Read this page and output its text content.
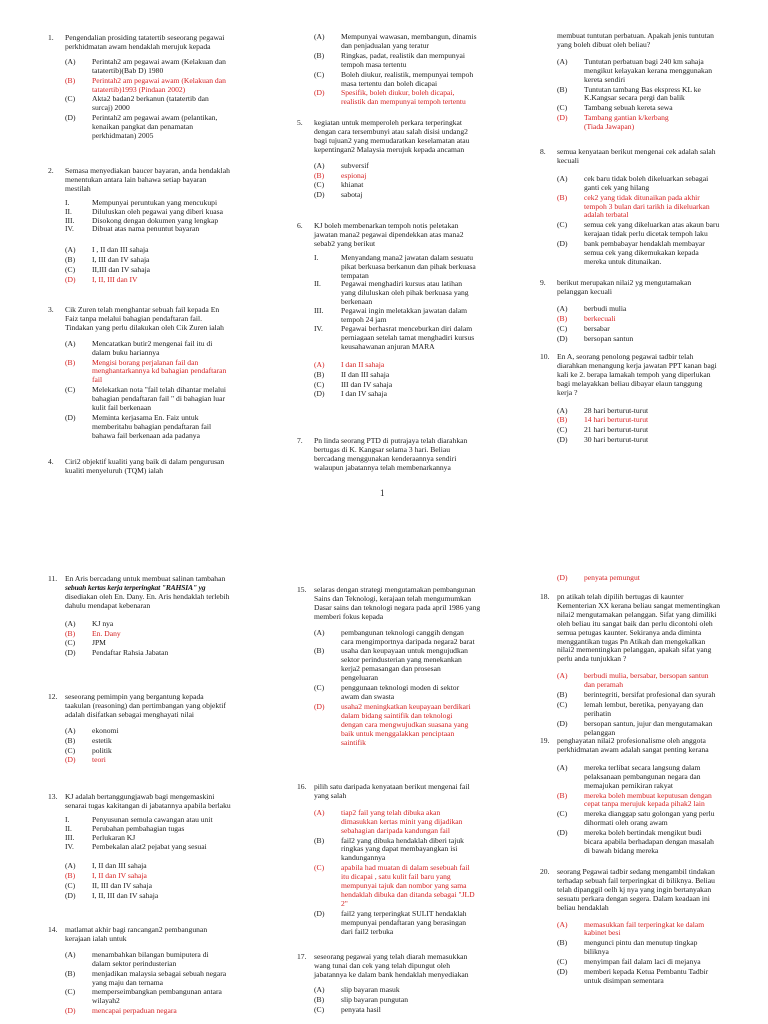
1.	Pengendalian prosiding tatatertib seseorang pegawai
perkhidmatan awam hendaklah merujuk kepada
(A) Perintah2 am pegawai awam (Kelakuan dan
tatatertib)(Bab D) 1980
(B) Perintah2 am pegawai awam (Kelakuan dan
tatatertib)1993 (Pindaan 2002)
(C) Akta2 badan2 berkanun (tatatertib dan
surcaj) 2000
(D) Perintah2 am pegawai awam (pelantikan,
kenaikan pangkat dan penamatan
perkhidmatan) 2005
2.	Semasa menyediakan baucer bayaran, anda hendaklah
menentukan antara lain bahawa setiap bayaran
mestilah
I.	Mempunyai peruntukan yang mencukupi
II.	Diluluskan oleh pegawai yang diberi kuasa
III. Disokong dengan dokumen yang lengkap
IV. Dibuat atas nama penuntut bayaran
(A) I , II dan III sahaja
(B) I, III dan IV sahaja
(C) II,III dan IV sahaja
(D) I, II, III dan IV
3.	Cik Zuren telah menghantar sebuah fail kepada En
Faiz tanpa melalui bahagian pendaftaran fail.
Tindakan yang perlu dilakukan oleh Cik Zuren ialah
(A) Mencatatkan butir2 mengenai fail itu di
dalam buku hariannya
(B) Mengisi borang perjalanan fail dan
menghantarkannya kd bahagian pendaftaran
fail
(C) Melekatkan nota "fail telah dihantar melalui
bahagian pendaftaran fail " di bahagian luar
kulit fail berkenaan
(D) Meminta kerjasama En. Faiz untuk
memberitahu bahagian pendaftaran fail
bahawa fail berkenaan ada padanya
4.	Ciri2 objektif kualiti yang baik di dalam pengurusan
kualiti menyeluruh (TQM) ialah
(A) Mempunyai wawasan, membangun, dinamis
dan penjadualan yang teratur
(B) Ringkas, padat, realistik dan mempunyai
tempoh masa tertentu
(C) Boleh diukur, realistik, mempunyai tempoh
masa tertentu dan boleh dicapai
(D) Spesifik, boleh diukur, boleh dicapai,
realistik dan mempunyai tempoh tertentu
5.	kegiatan untuk memperoleh perkara terperingkat
dengan cara tersembunyi atau salah disisi undang2
bagi tujuan2 yang memudaratkan keselamatan atau
kepentingan2 Malaysia merujuk kepada ancaman
(A) subversif
(B) espionaj
(C) khianat
(D) sabotaj
6.	KJ boleh membenarkan tempoh notis peletakan
jawatan mana2 pegawai dipendekkan atas mana2
sebab2 yang berikut
I.	Menyandang mana2 jawatan dalam sesuatu
pikat berkuasa berkanun dan pihak berkuasa
tempatan
II.	Pegawai menghadiri kursus atau latihan
yang diluluskan oleh pihak berkuasa yang
berkenaan
III. Pegawai ingin meletakkan jawatan dalam
tempoh 24 jam
IV. Pegawai berhasrat menceburkan diri dalam
perniagaan setelah tamat menghadiri kursus
keusahawanan anjuran MARA
(A) I dan II sahaja
(B) II dan III sahaja
(C) III dan IV sahaja
(D) I dan IV sahaja
7.	Pn linda seorang PTD di putrajaya telah diarahkan
bertugas di K. Kangsar selama 3 hari. Beliau
bercadang menggunakan kenderaannya sendiri
walaupun jabatannya telah membenarkannya
1
membuat tuntutan perbatuan. Apakah jenis tuntutan
yang boleh dibuat oleh beliau?
(A) Tuntutan perbatuan bagi 240 km sahaja
mengikut kelayakan kerana menggunakan
kereta sendiri
(B) Tuntutan tambang Bas ekspress KL ke
K.Kangsar secara pergi dan balik
(C) Tambang sebuah kereta sewa
(D) Tambang gantian k/kerbang
(Tiada Jawapan)
8.	semua kenyataan berikut mengenai cek adalah salah
kecuali
(A) cek baru tidak boleh dikeluarkan sebagai
ganti cek yang hilang
(B) cek2 yang tidak ditunaikan pada akhir
tempoh 3 bulan dari tarikh ia dikeluarkan
adalah terbatal
(C) semua cek yang dikeluarkan atas akaun baru
kerajaan tidak perlu dicetak tempoh laku
(D) bank pembabayar hendaklah membayar
semua cek yang dikemukakan kepada
mereka untuk ditunaikan.
9.	berikut merupakan nilai2 yg mengutamakan
pelanggan kecuali
(A) berbudi mulia
(B) berkecuali
(C) bersabar
(D) bersopan santun
10. En A, seorang penolong pegawai tadbir telah
diarahkan menangung kerja jawatan PPT kanan bagi
kali ke 2. berapa lamakah tempoh yang diperlukan
bagi melayakkan beliau dibayar elaun tanggung
kerja ?
(A) 28 hari berturut-turut
(B) 14 hari berturut-turut
(C) 21 hari berturut-turut
(D) 30 hari berturut-turut
11.	En Aris bercadang untuk membuat salinan tambahan
sebuah kertas kerja terperingkat "RAHSIA" yg
disediakan oleh En. Dany. En. Aris hendaklah terlebih
dahulu mendapat kebenaran
(A) KJ nya
(B) En. Dany
(C) JPM
(D) Pendaftar Rahsia Jabatan
12. seseorang pemimpin yang bergantung kepada
taakulan (reasoning) dan pertimbangan yang objektif
adalah disifatkan sebagai menghayati nilai
(A) ekonomi
(B) estetik
(C) politik
(D) teori
13. KJ adalah bertanggungjawab bagi mengemaskini
senarai tugas kakitangan di jabatannya apabila berlaku
I.	Penyusunan semula cawangan atau unit
II.	Perubahan pembahagian tugas
III. Perlukaran KJ
IV. Pembekalan alat2 pejabat yang sesuai
(A) I, II dan III sahaja
(B) I, II dan IV sahaja
(C) II, III dan IV sahaja
(D) I, II, III dan IV sahaja
14. matlamat akhir bagi rancangan2 pembangunan
kerajaan ialah untuk
(A) menambahkan bilangan bumiputera di
dalam sektor perindusterian
(B) menjadikan malaysia sebagai sebuah negara
yang maju dan ternama
(C) memperseimbangkan pembangunan antara
wilayah2
(D) mencapai perpaduan negara
15. selaras dengan strategi mengutamakan pembangunan
Sains dan Teknologi, kerajaan telah mengumumkan
Dasar sains dan teknologi negara pada april 1986 yang
memberi fokus kepada
(A) pembangunan teknologi canggih dengan
cara mengimportnya daripada negara2 barat
(B) usaha dan keupayaan untuk mengujudkan
sektor perindusterian yang menekankan
kerja2 pemasangan dan prosesan
pengeluaran
(C) penggunaan teknologi moden di sektor
awam dan swasta
(D) usaha2 meningkatkan keupayaan berdikari
dalam bidang saintifik dan teknologi
dengan cara mengwujudkan suasana yang
baik untuk menggalakkan penciptaan
saintifik
16. pilih satu daripada kenyataan berikut mengenai fail
yang salah
(A) tiap2 fail yang telah dibuka akan
dimasukkan kertas minit yang dijadikan
sebahagian daripada kandungan fail
(B) fail2 yang dibuka hendaklah diberi tajuk
ringkas yang dapat membayangkan isi
kandungannya
(C) apabila had muatan di dalam sesebuah fail
itu dicapai , satu kulit fail baru yang
mempunyai tajuk dan nombor yang sama
hendaklah dibuka dan ditanda sebagai "JLD
2"
(D) fail2 yang terperingkat SULIT hendaklah
mempunyai pendaftaran yang berasingan
dari fail2 terbuka
17. seseorang pegawai yang telah diarah memasukkan
wang tunai dan cek yang telah dipungut oleh
jabatannya ke dalam bank hendaklah menyediakan
(A) slip bayaran masuk
(B) slip bayaran pungutan
(C) penyata hasil
(D) penyata pemungut
18. pn atikah telah dipilih bertugas di kaunter
Kementerian XX kerana beliau sangat mementingkan
nilai2 mengutamakan pelanggan. Sifat yang dimiliki
oleh beliau itu sangat baik dan perlu dicontohi oleh
semua petugas kaunter. Sekiranya anda diminta
menggantikan tugas Pn Atikah dan mengekalkan
nilai2 mementingkan pelanggan, apakah sifat yang
perlu anda tunjukkan ?
(A) berbudi mulia, bersabar, bersopan santun
dan peramah
(B) berintegriti, bersifat profesional dan syurah
(C) lemah lembut, beretika, penyayang dan
perihatin
(D) bersopan santun, jujur dan mengutamakan
pelanggan
19. penghayatan nilai2 profesionalisme oleh anggota
perkhidmatan awam adalah sangat penting kerana
(A) mereka terlibat secara langsung dalam
pelaksanaan pembangunan negara dan
memajukan pemikiran rakyat
(B) mereka boleh membuat keputusan dengan
cepat tanpa merujuk kepada pihak2 lain
(C) mereka dianggap satu golongan yang perlu
dihormati oleh orang awam
(D) mereka boleh bertindak mengikut budi
bicara apabila berhadapan dengan masalah
di bawah bidang mereka
20. seorang Pegawai tadbir sedang mengambil tindakan
terhadap sebuah fail terperingkat di biliknya. Beliau
telah dipanggil oelh kj nya yang ingin bertanyakan
sesuatu perkara dengan segera. Dalam keadaan ini
beliau hendaklah
(A) memasukkan fail terperingkat ke dalam
kabinet besi
(B) mengunci pintu dan menutup tingkap
biliknya
(C) menyimpan fail dalam laci di mejanya
(D) memberi kepada Ketua Pembantu Tadbir
untuk disimpan sementara
